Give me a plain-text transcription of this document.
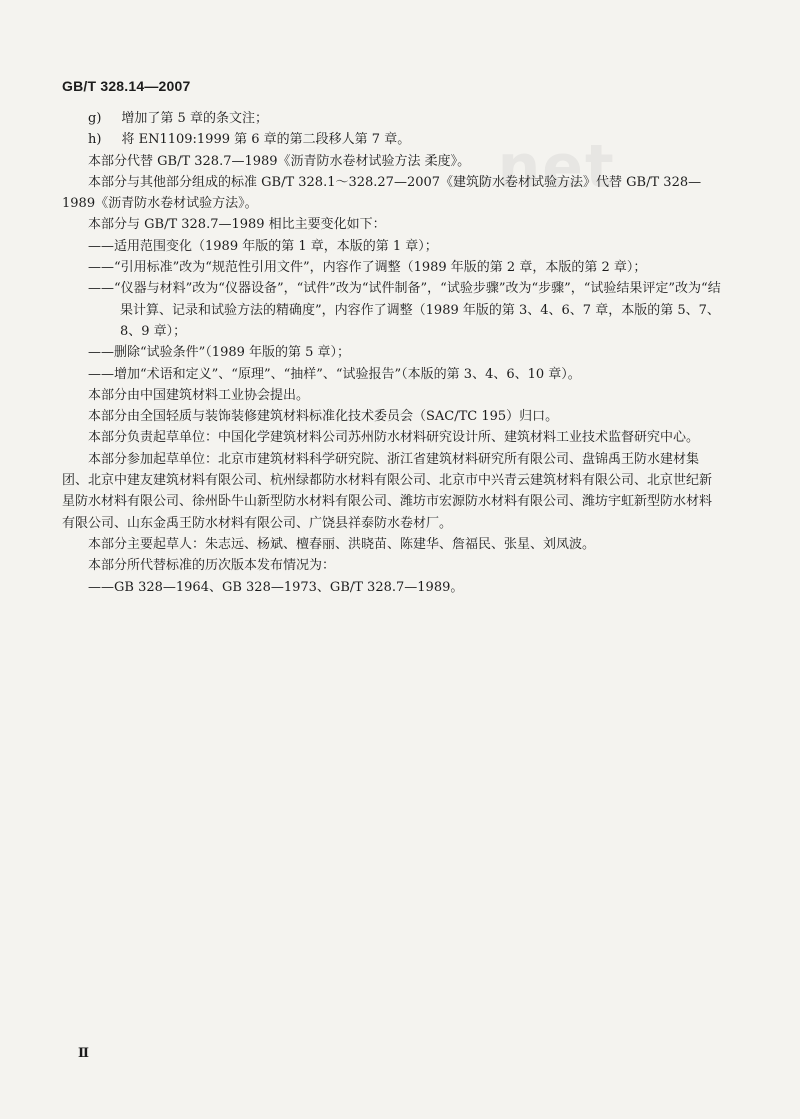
GB/T 328.14—2007
..net

g) 增加了第 5 章的条文注；

h) 将 EN1109:1999 第 6 章的第二段移人第 7 章。

本部分代替 GB/T 328.7—1989《沥青防水卷材试验方法 柔度》。

本部分与其他部分组成的标准 GB/T 328.1～328.27—2007《建筑防水卷材试验方法》代替 GB/T 328—1989《沥青防水卷材试验方法》。

本部分与 GB/T 328.7—1989 相比主要变化如下：

——适用范围变化（1989 年版的第 1 章，本版的第 1 章）；

——“引用标准”改为“规范性引用文件”，内容作了调整（1989 年版的第 2 章，本版的第 2 章）；

——“仪器与材料”改为“仪器设备”，“试件”改为“试件制备”，“试验步骤”改为“步骤”，“试验结果评定”改为“结果计算、记录和试验方法的精确度”，内容作了调整（1989 年版的第 3、4、6、7 章，本版的第 5、7、8、9 章）；

——删除“试验条件”（1989 年版的第 5 章）；

——增加“术语和定义”、“原理”、“抽样”、“试验报告”（本版的第 3、4、6、10 章）。

本部分由中国建筑材料工业协会提出。

本部分由全国轻质与装饰装修建筑材料标准化技术委员会（SAC/TC 195）归口。

本部分负责起草单位：中国化学建筑材料公司苏州防水材料研究设计所、建筑材料工业技术监督研究中心。

本部分参加起草单位：北京市建筑材料科学研究院、浙江省建筑材料研究所有限公司、盘锦禹王防水建材集团、北京中建友建筑材料有限公司、杭州绿都防水材料有限公司、北京市中兴青云建筑材料有限公司、北京世纪新星防水材料有限公司、徐州卧牛山新型防水材料有限公司、潍坊市宏源防水材料有限公司、潍坊宇虹新型防水材料有限公司、山东金禹王防水材料有限公司、广饶县祥泰防水卷材厂。

本部分主要起草人：朱志远、杨斌、檀春丽、洪晓苗、陈建华、詹福民、张星、刘凤波。

本部分所代替标准的历次版本发布情况为：

——GB 328—1964、GB 328—1973、GB/T 328.7—1989。

Ⅱ
